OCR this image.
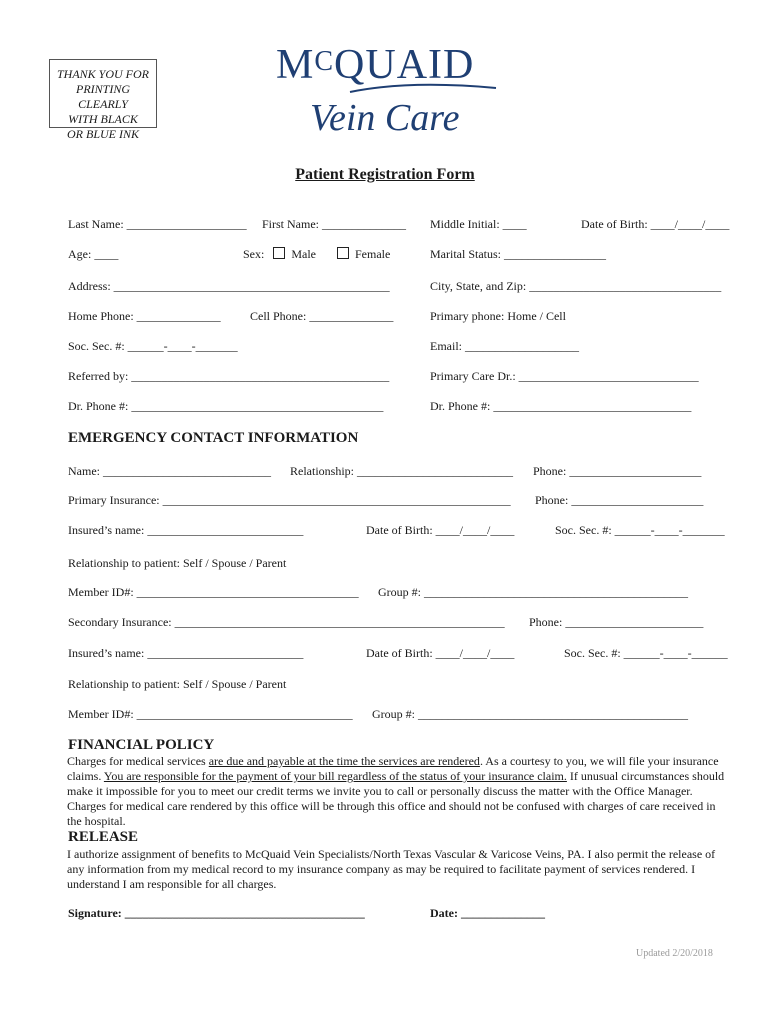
THANK YOU FOR
PRINTING CLEARLY
WITH BLACK
OR BLUE INK
$M^CQUAID$
Vein Care
Patient Registration Form
Last Name: ____________________ First Name: ______________ Middle Initial: ____	Date of Birth: ____/____/____
Age: ____	Sex: Male	Female	Marital Status: _________________
Address: ______________________________________________	City, State, and Zip: ________________________________
Home Phone: ______________ Cell Phone: ______________	Primary phone: Home / Cell
Soc. Sec. #: ______-____-_______	Email: ___________________
Referred by: ___________________________________________	Primary Care Dr.: ______________________________
Dr. Phone #: __________________________________________	Dr. Phone #: _________________________________
EMERGENCY CONTACT INFORMATION
Name: ____________________________ Relationship: __________________________ Phone: ______________________
Primary Insurance: __________________________________________________________ Phone: ______________________
Insured’s name: __________________________	Date of Birth: ____/____/____	Soc. Sec. #: ______-____-_______
Relationship to patient: Self / Spouse / Parent
Member ID#: _____________________________________ Group #: ____________________________________________
Secondary Insurance: _______________________________________________________ Phone: _______________________
Insured’s name: __________________________	Date of Birth: ____/____/____	Soc. Sec. #: ______-____-______
Relationship to patient: Self / Spouse / Parent
Member ID#: ____________________________________ Group #: _____________________________________________
FINANCIAL POLICY
Charges for medical services are due and payable at the time the services are rendered. As a courtesy to you, we will file your insurance claims. You are responsible for the payment of your bill regardless of the status of your insurance claim. If unusual circumstances should make it impossible for you to meet our credit terms we invite you to call or personally discuss the matter with the Office Manager. Charges for medical care rendered by this office will be through this office and should not be confused with charges of care received in the hospital.
RELEASE
I authorize assignment of benefits to McQuaid Vein Specialists/North Texas Vascular & Varicose Veins, PA. I also permit the release of any information from my medical record to my insurance company as may be required to facilitate payment of services rendered. I understand I am responsible for all charges.
Signature: ________________________________________	Date: ______________
Updated 2/20/2018
